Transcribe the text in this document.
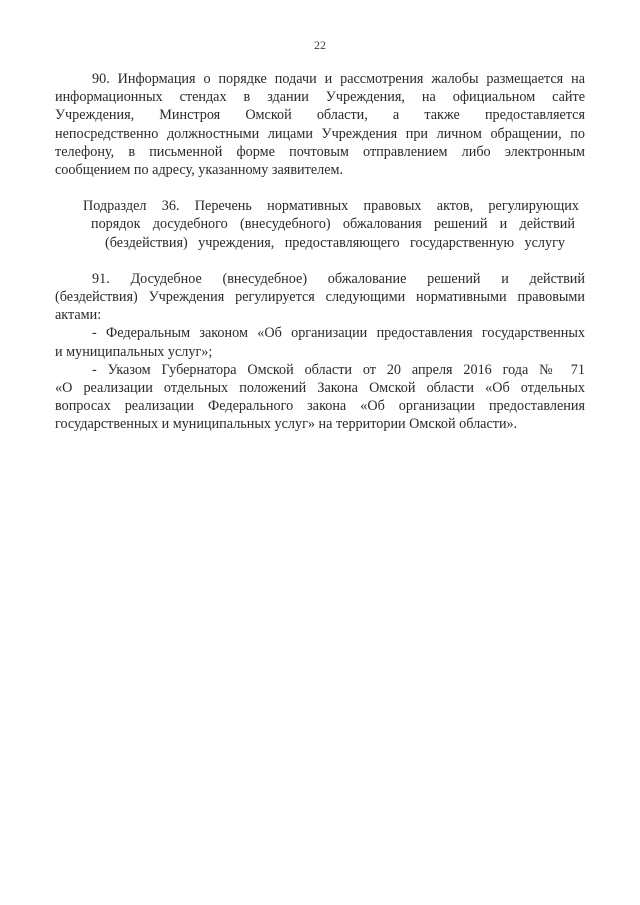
22
90. Информация о порядке подачи и рассмотрения жалобы размещается на
информационных стендах в здании Учреждения, на официальном сайте
Учреждения, Минстроя Омской области, а также предоставляется
непосредственно должностными лицами Учреждения при личном обращении, по
телефону, в письменной форме почтовым отправлением либо электронным
сообщением по адресу, указанному заявителем.
Подраздел 36. Перечень нормативных правовых актов, регулирующих
порядок досудебного (внесудебного) обжалования решений и действий
(бездействия) учреждения, предоставляющего государственную услугу
91. Досудебное (внесудебное) обжалование решений и действий
(бездействия) Учреждения регулируется следующими нормативными правовыми
актами:
- Федеральным законом «Об организации предоставления государственных
и муниципальных услуг»;
- Указом Губернатора Омской области от 20 апреля 2016 года № 71
«О реализации отдельных положений Закона Омской области «Об отдельных
вопросах реализации Федерального закона «Об организации предоставления
государственных и муниципальных услуг» на территории Омской области».
